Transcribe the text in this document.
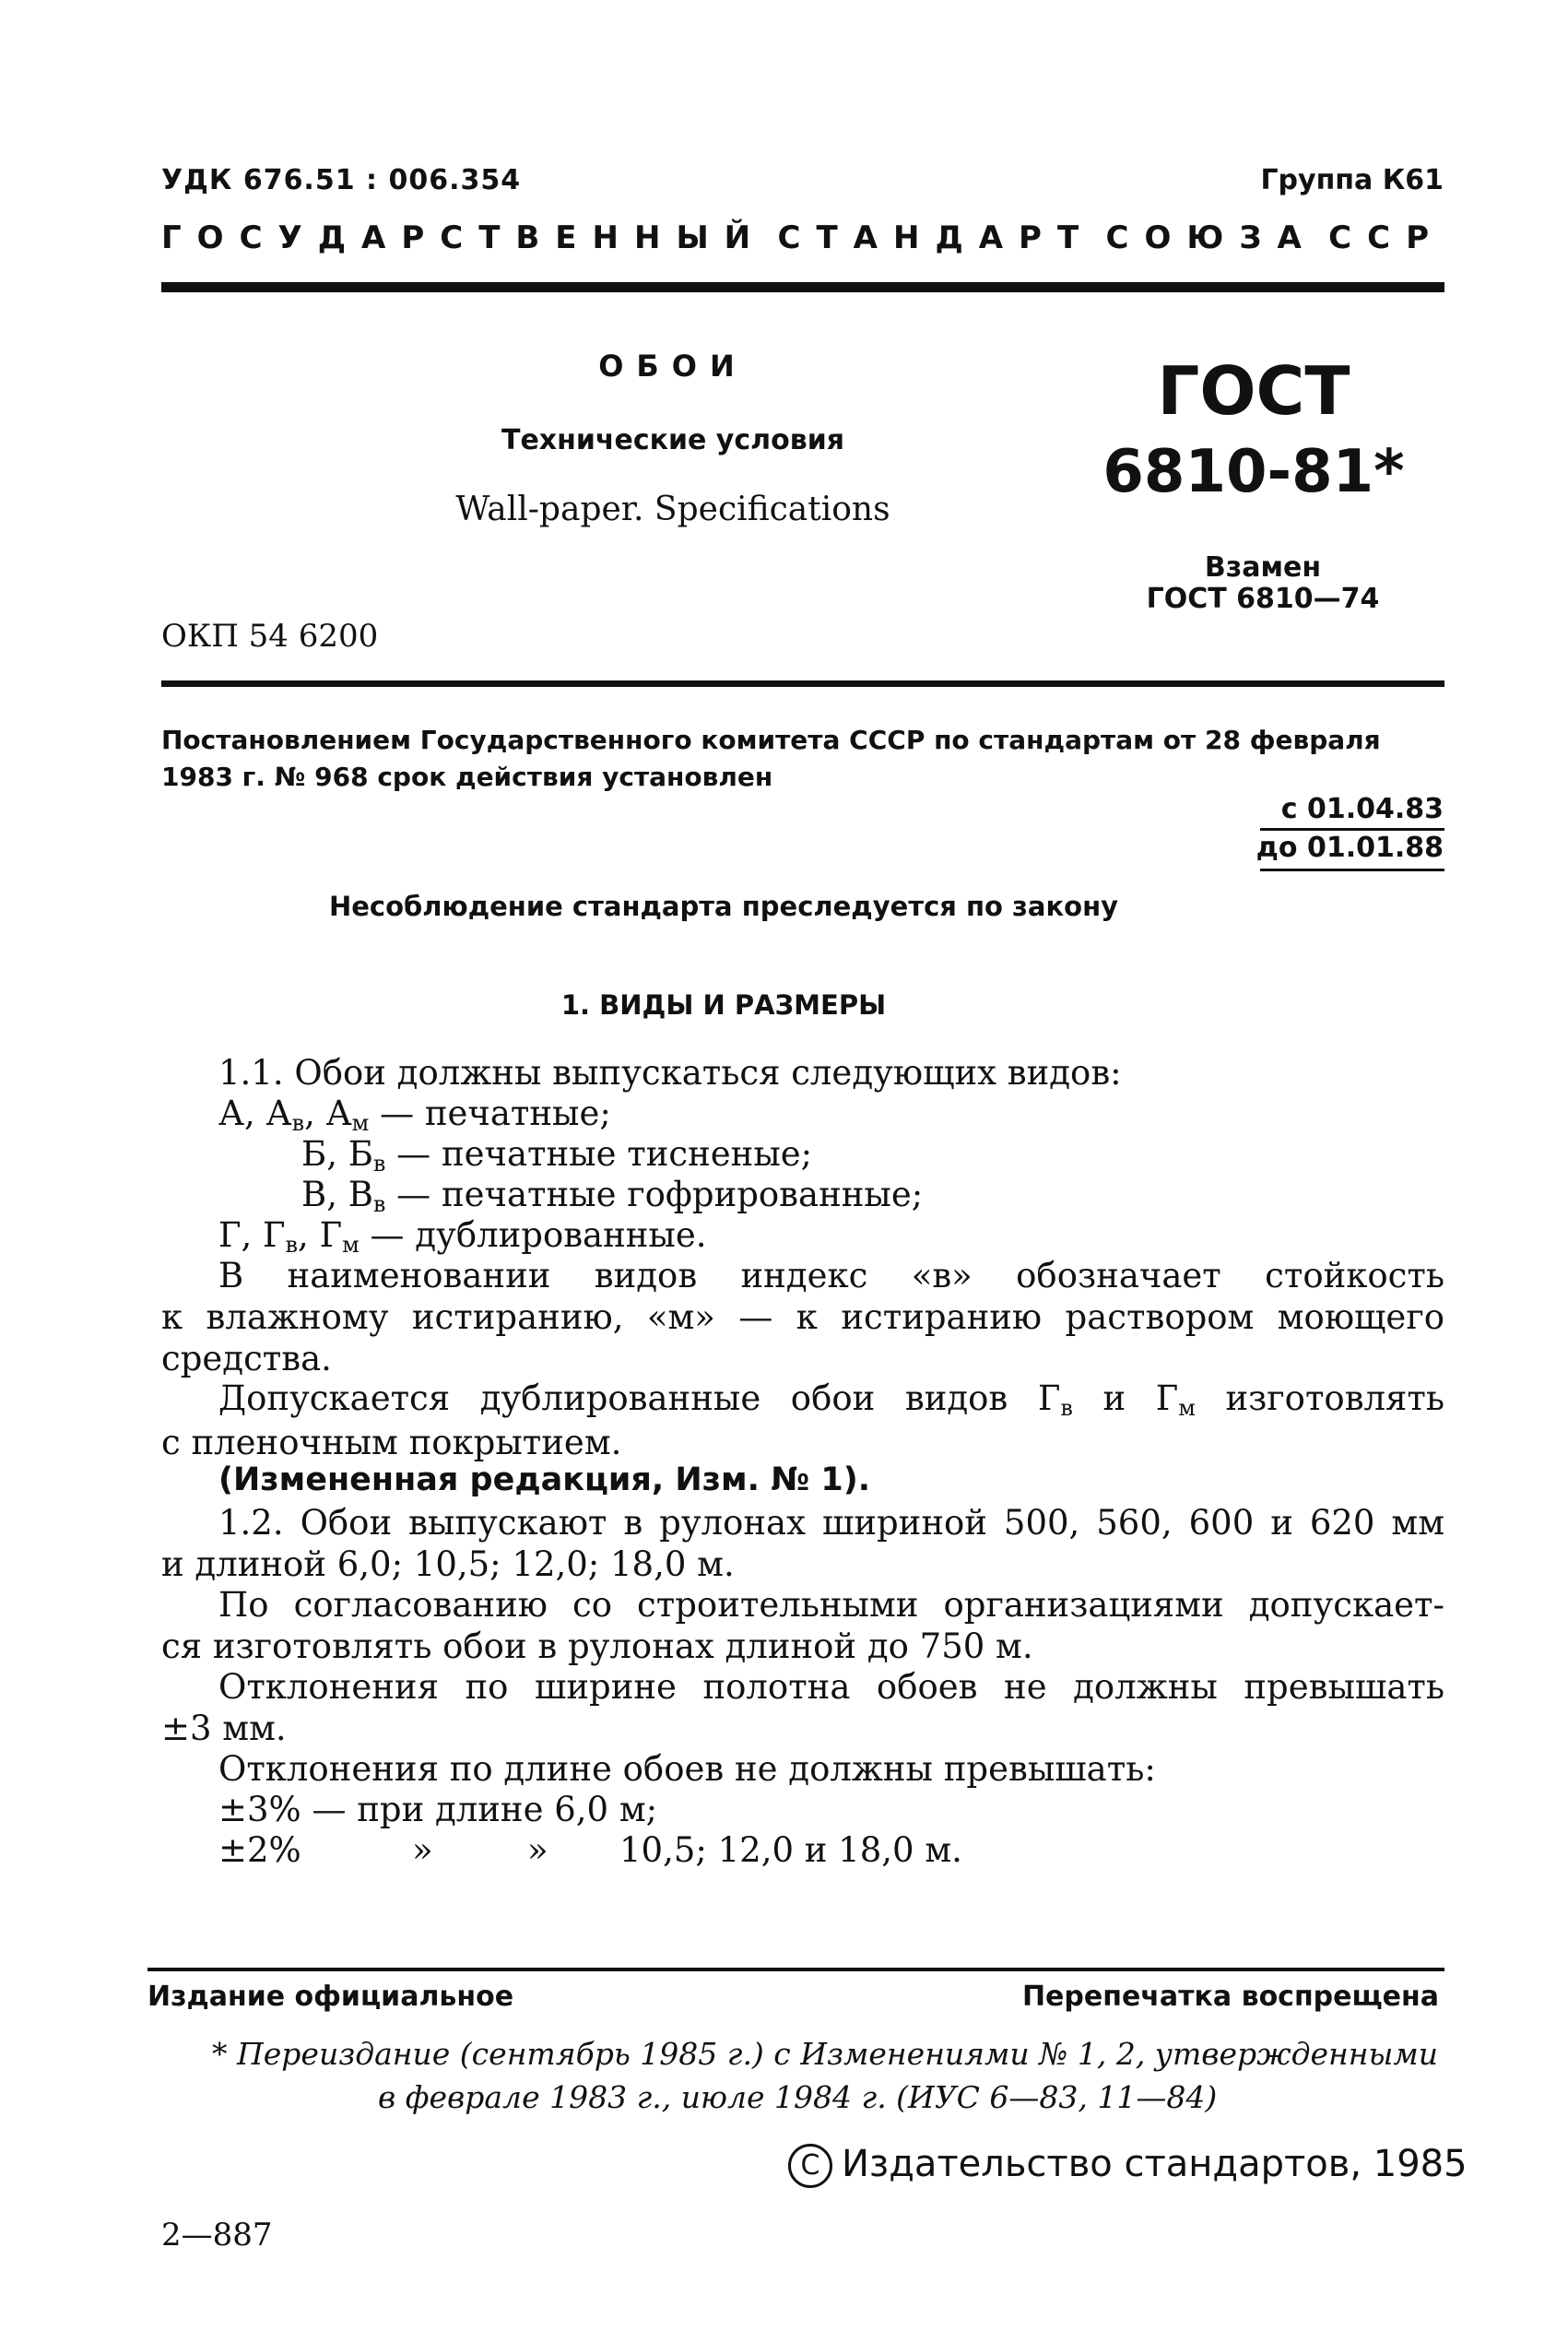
УДК 676.51 : 006.354	Группа К61
ГОСУДАРСТВЕННЫЙ СТАНДАРТ СОЮЗА ССР
ОБОИ
Технические условия
Wall-paper. Specifications
ОКП 54 6200
ГОСТ
6810-81*
Взамен
ГОСТ 6810—74
Постановлением Государственного комитета СССР по стандартам от 28 февраля 1983 г. № 968 срок действия установлен
с 01.04.83
до 01.01.88
Несоблюдение стандарта преследуется по закону
1. ВИДЫ И РАЗМЕРЫ
1.1. Обои должны выпускаться следующих видов:
А, $А_в$, $А_м$ — печатные;
Б, $Б_в$ — печатные тисненые;
В, $В_в$ — печатные гофрированные;
Г, $Г_в$, $Г_м$ — дублированные.
В наименовании видов индекс «в» обозначает стойкость
к влажному истиранию, «м» — к истиранию раствором моющего
средства.
Допускается дублированные обои видов $Г_в$ и $Г_м$ изготовлять
с пленочным покрытием.
(Измененная редакция, Изм. № 1).
1.2. Обои выпускают в рулонах шириной 500, 560, 600 и 620 мм
и длиной 6,0; 10,5; 12,0; 18,0 м.
По согласованию со строительными организациями допускает-
ся изготовлять обои в рулонах длиной до 750 м.
Отклонения по ширине полотна обоев не должны превышать
±3 мм.
Отклонения по длине обоев не должны превышать:
±3% — при длине 6,0 м;
±2%	»	» 10,5; 12,0 и 18,0 м.
Издание официальное	Перепечатка воспрещена
* Переиздание (сентябрь 1985 г.) с Изменениями № 1, 2, утвержденными
в феврале 1983 г., июле 1984 г. (ИУС 6—83, 11—84)
С Издательство стандартов, 1985
2—887
